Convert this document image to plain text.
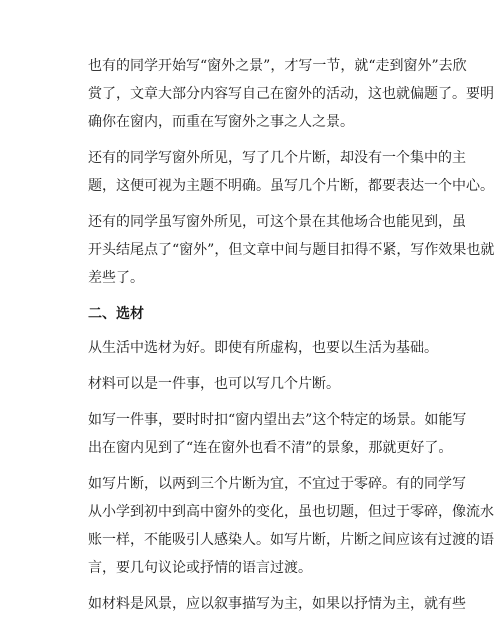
也有的同学开始写“窗外之景”，才写一节，就“走到窗外”去欣
赏了，文章大部分内容写自己在窗外的活动，这也就偏题了。要明
确你在窗内，而重在写窗外之事之人之景。
还有的同学写窗外所见，写了几个片断，却没有一个集中的主
题，这便可视为主题不明确。虽写几个片断，都要表达一个中心。
还有的同学虽写窗外所见，可这个景在其他场合也能见到，虽
开头结尾点了“窗外”，但文章中间与题目扣得不紧，写作效果也就
差些了。
二、选材
从生活中选材为好。即使有所虚构，也要以生活为基础。
材料可以是一件事，也可以写几个片断。
如写一件事，要时时扣“窗内望出去”这个特定的场景。如能写
出在窗内见到了“连在窗外也看不清”的景象，那就更好了。
如写片断，以两到三个片断为宜，不宜过于零碎。有的同学写
从小学到初中到高中窗外的变化，虽也切题，但过于零碎，像流水
账一样，不能吸引人感染人。如写片断，片断之间应该有过渡的语
言，要几句议论或抒情的语言过渡。
如材料是风景，应以叙事描写为主，如果以抒情为主，就有些
